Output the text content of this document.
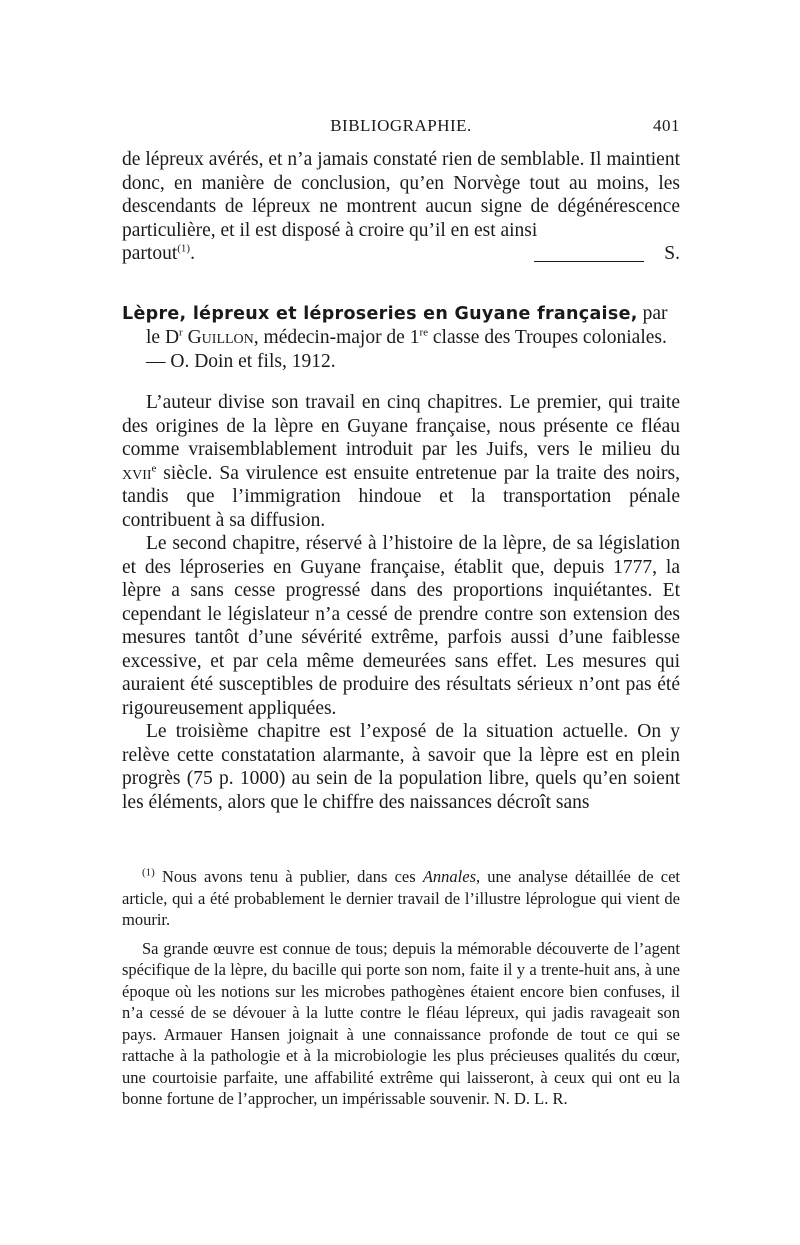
BIBLIOGRAPHIE.	401

de lépreux avérés, et n’a jamais constaté rien de semblable. Il maintient donc, en manière de conclusion, qu’en Norvège tout au moins, les descendants de lépreux ne montrent aucun signe de dégénérescence particulière, et il est disposé à croire qu’il en est ainsi

partout$^{(1)}$.	S.

Lèpre, lépreux et léproseries en Guyane française, par le $D^r$ Guillon, médecin-major de 1re classe des Troupes coloniales. — O. Doin et fils, 1912.

L’auteur divise son travail en cinq chapitres. Le premier, qui traite des origines de la lèpre en Guyane française, nous présente ce fléau comme vraisemblablement introduit par les Juifs, vers le milieu du xvii$^e$ siècle. Sa virulence est ensuite entretenue par la traite des noirs, tandis que l’immigration hindoue et la transportation pénale contribuent à sa diffusion.

Le second chapitre, réservé à l’histoire de la lèpre, de sa législation et des léproseries en Guyane française, établit que, depuis 1777, la lèpre a sans cesse progressé dans des proportions inquiétantes. Et cependant le législateur n’a cessé de prendre contre son extension des mesures tantôt d’une sévérité extrême, parfois aussi d’une faiblesse excessive, et par cela même demeurées sans effet. Les mesures qui auraient été susceptibles de produire des résultats sérieux n’ont pas été rigoureusement appliquées.

Le troisième chapitre est l’exposé de la situation actuelle. On y relève cette constatation alarmante, à savoir que la lèpre est en plein progrès (75 p. 1000) au sein de la population libre, quels qu’en soient les éléments, alors que le chiffre des naissances décroît sans

$^{(1)}$ Nous avons tenu à publier, dans ces Annales, une analyse détaillée de cet article, qui a été probablement le dernier travail de l’illustre léprologue qui vient de mourir.

Sa grande œuvre est connue de tous; depuis la mémorable découverte de l’agent spécifique de la lèpre, du bacille qui porte son nom, faite il y a trente-huit ans, à une époque où les notions sur les microbes pathogènes étaient encore bien confuses, il n’a cessé de se dévouer à la lutte contre le fléau lépreux, qui jadis ravageait son pays. Armauer Hansen joignait à une connaissance profonde de tout ce qui se rattache à la pathologie et à la microbiologie les plus précieuses qualités du cœur, une courtoisie parfaite, une affabilité extrême qui laisseront, à ceux qui ont eu la bonne fortune de l’approcher, un impérissable souvenir. N. D. L. R.
